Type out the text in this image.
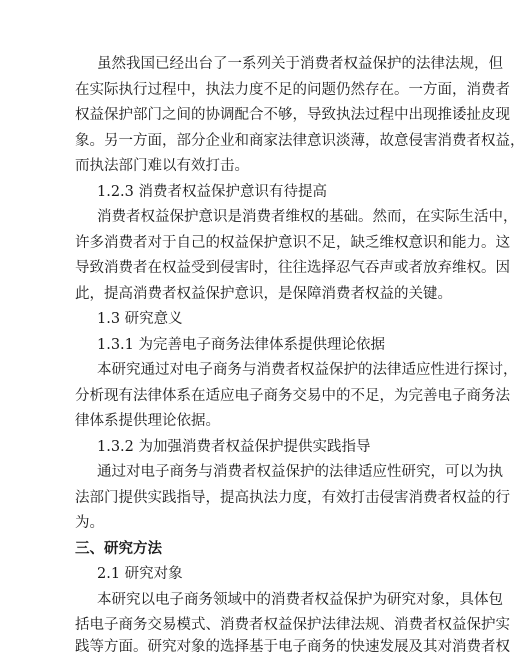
虽然我国已经出台了一系列关于消费者权益保护的法律法规，但
在实际执行过程中，执法力度不足的问题仍然存在。一方面，消费者
权益保护部门之间的协调配合不够，导致执法过程中出现推诿扯皮现
象。另一方面，部分企业和商家法律意识淡薄，故意侵害消费者权益，
而执法部门难以有效打击。
1.2.3 消费者权益保护意识有待提高
消费者权益保护意识是消费者维权的基础。然而，在实际生活中，
许多消费者对于自己的权益保护意识不足，缺乏维权意识和能力。这
导致消费者在权益受到侵害时，往往选择忍气吞声或者放弃维权。因
此，提高消费者权益保护意识，是保障消费者权益的关键。
1.3 研究意义
1.3.1 为完善电子商务法律体系提供理论依据
本研究通过对电子商务与消费者权益保护的法律适应性进行探讨，
分析现有法律体系在适应电子商务交易中的不足，为完善电子商务法
律体系提供理论依据。
1.3.2 为加强消费者权益保护提供实践指导
通过对电子商务与消费者权益保护的法律适应性研究，可以为执
法部门提供实践指导，提高执法力度，有效打击侵害消费者权益的行
为。
三、研究方法
2.1 研究对象
本研究以电子商务领域中的消费者权益保护为研究对象，具体包
括电子商务交易模式、消费者权益保护法律法规、消费者权益保护实
践等方面。研究对象的选择基于电子商务的快速发展及其对消费者权
